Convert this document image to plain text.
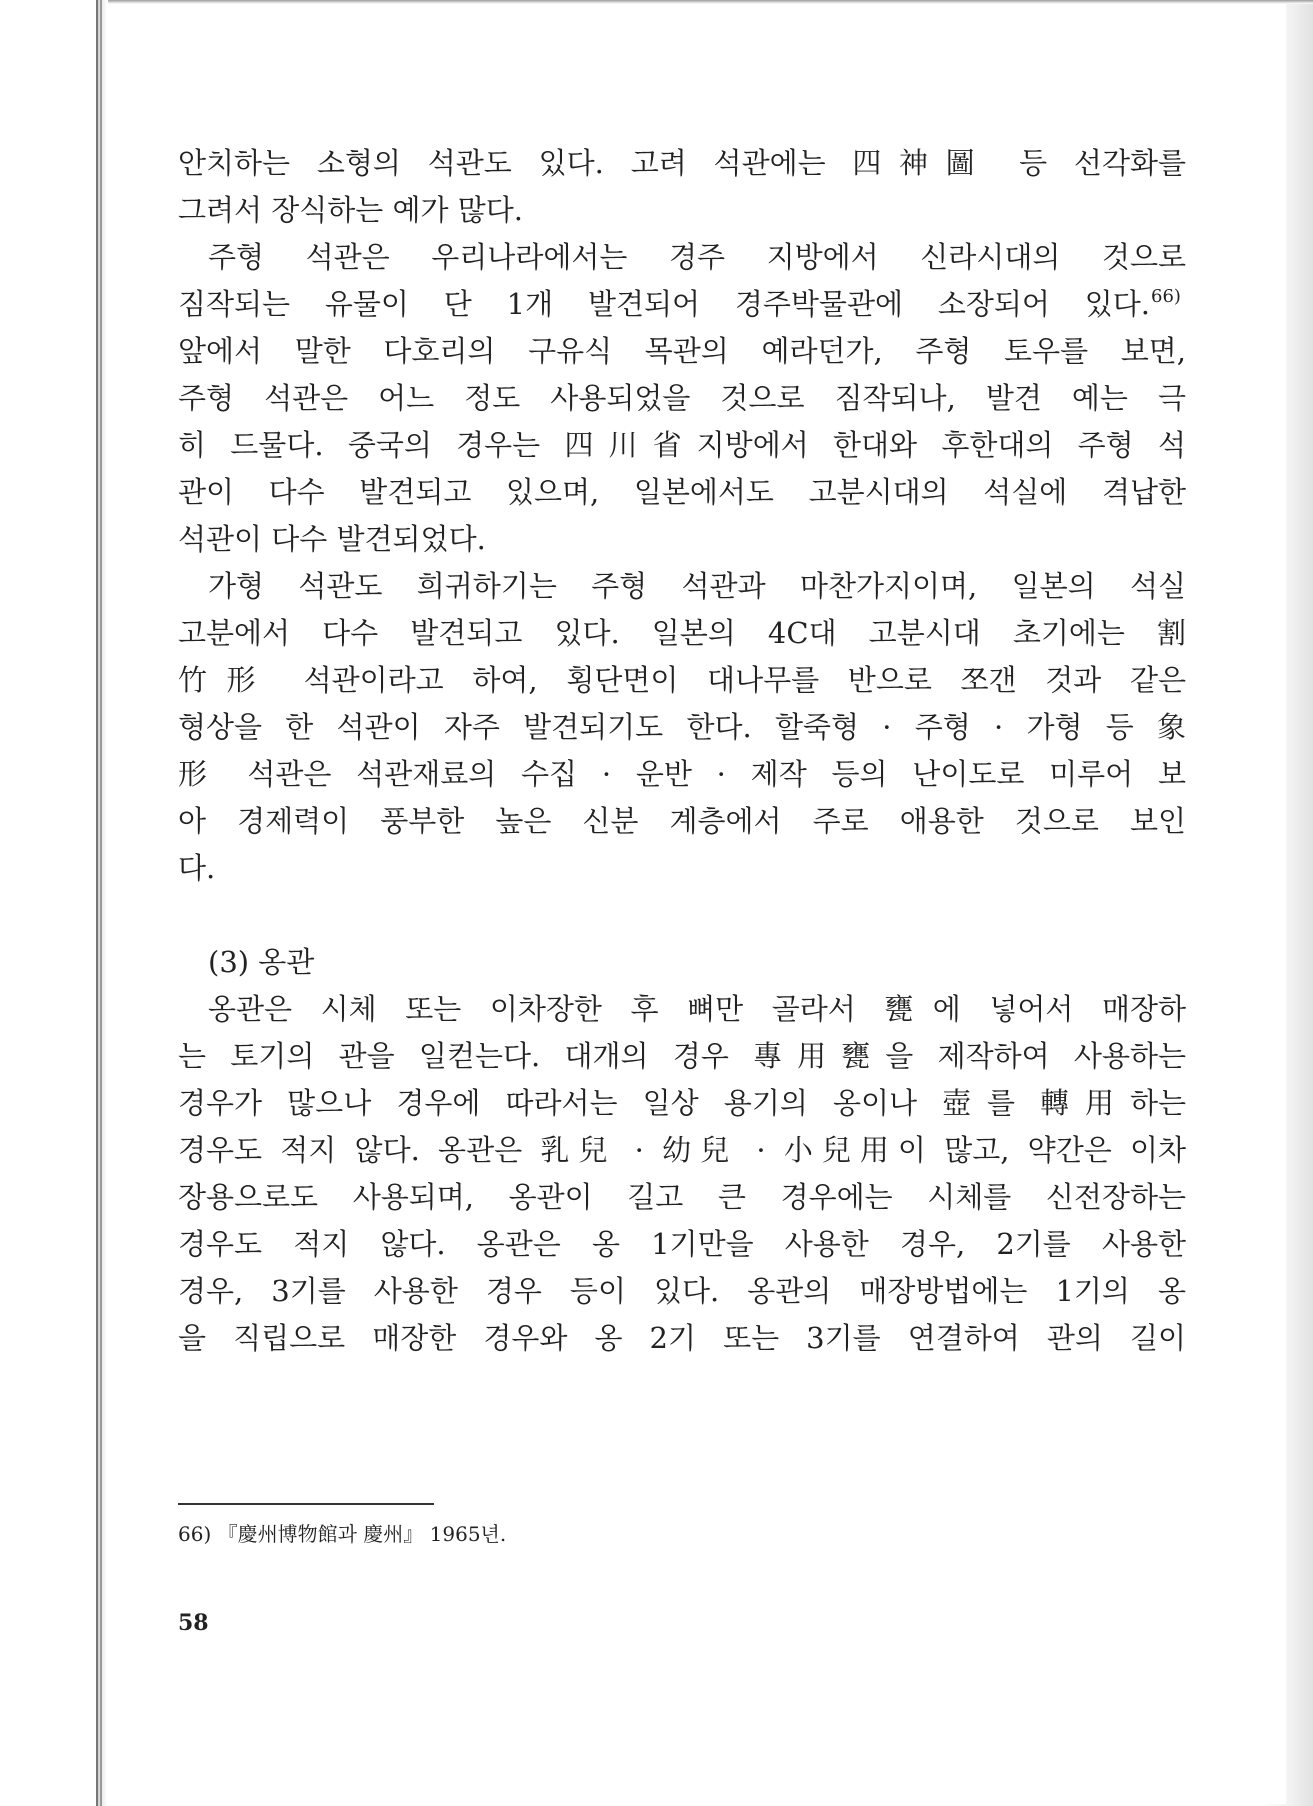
안치하는 소형의 석관도 있다. 고려 석관에는 四神圖 등 선각화를
그려서 장식하는 예가 많다.
주형 석관은 우리나라에서는 경주 지방에서 신라시대의 것으로
짐작되는 유물이 단 1개 발견되어 경주박물관에 소장되어 있다.$^{66)}$
앞에서 말한 다호리의 구유식 목관의 예라던가, 주형 토우를 보면,
주형 석관은 어느 정도 사용되었을 것으로 짐작되나, 발견 예는 극
히 드물다. 중국의 경우는 四川省지방에서 한대와 후한대의 주형 석
관이 다수 발견되고 있으며, 일본에서도 고분시대의 석실에 격납한
석관이 다수 발견되었다.
가형 석관도 희귀하기는 주형 석관과 마찬가지이며, 일본의 석실
고분에서 다수 발견되고 있다. 일본의 4C대 고분시대 초기에는 割
竹形 석관이라고 하여, 횡단면이 대나무를 반으로 쪼갠 것과 같은
형상을 한 석관이 자주 발견되기도 한다. 할죽형 · 주형 · 가형 등 象
形 석관은 석관재료의 수집 · 운반 · 제작 등의 난이도로 미루어 보
아 경제력이 풍부한 높은 신분 계층에서 주로 애용한 것으로 보인
다.
(3) 옹관
옹관은 시체 또는 이차장한 후 뼈만 골라서 甕에 넣어서 매장하
는 토기의 관을 일컫는다. 대개의 경우 專用甕을 제작하여 사용하는
경우가 많으나 경우에 따라서는 일상 용기의 옹이나 壺를 轉用하는
경우도 적지 않다. 옹관은 乳兒 · 幼兒 · 小兒用이 많고, 약간은 이차
장용으로도 사용되며, 옹관이 길고 큰 경우에는 시체를 신전장하는
경우도 적지 않다. 옹관은 옹 1기만을 사용한 경우, 2기를 사용한
경우, 3기를 사용한 경우 등이 있다. 옹관의 매장방법에는 1기의 옹
을 직립으로 매장한 경우와 옹 2기 또는 3기를 연결하여 관의 길이
66) 『慶州博物館과 慶州』 1965년.
58
